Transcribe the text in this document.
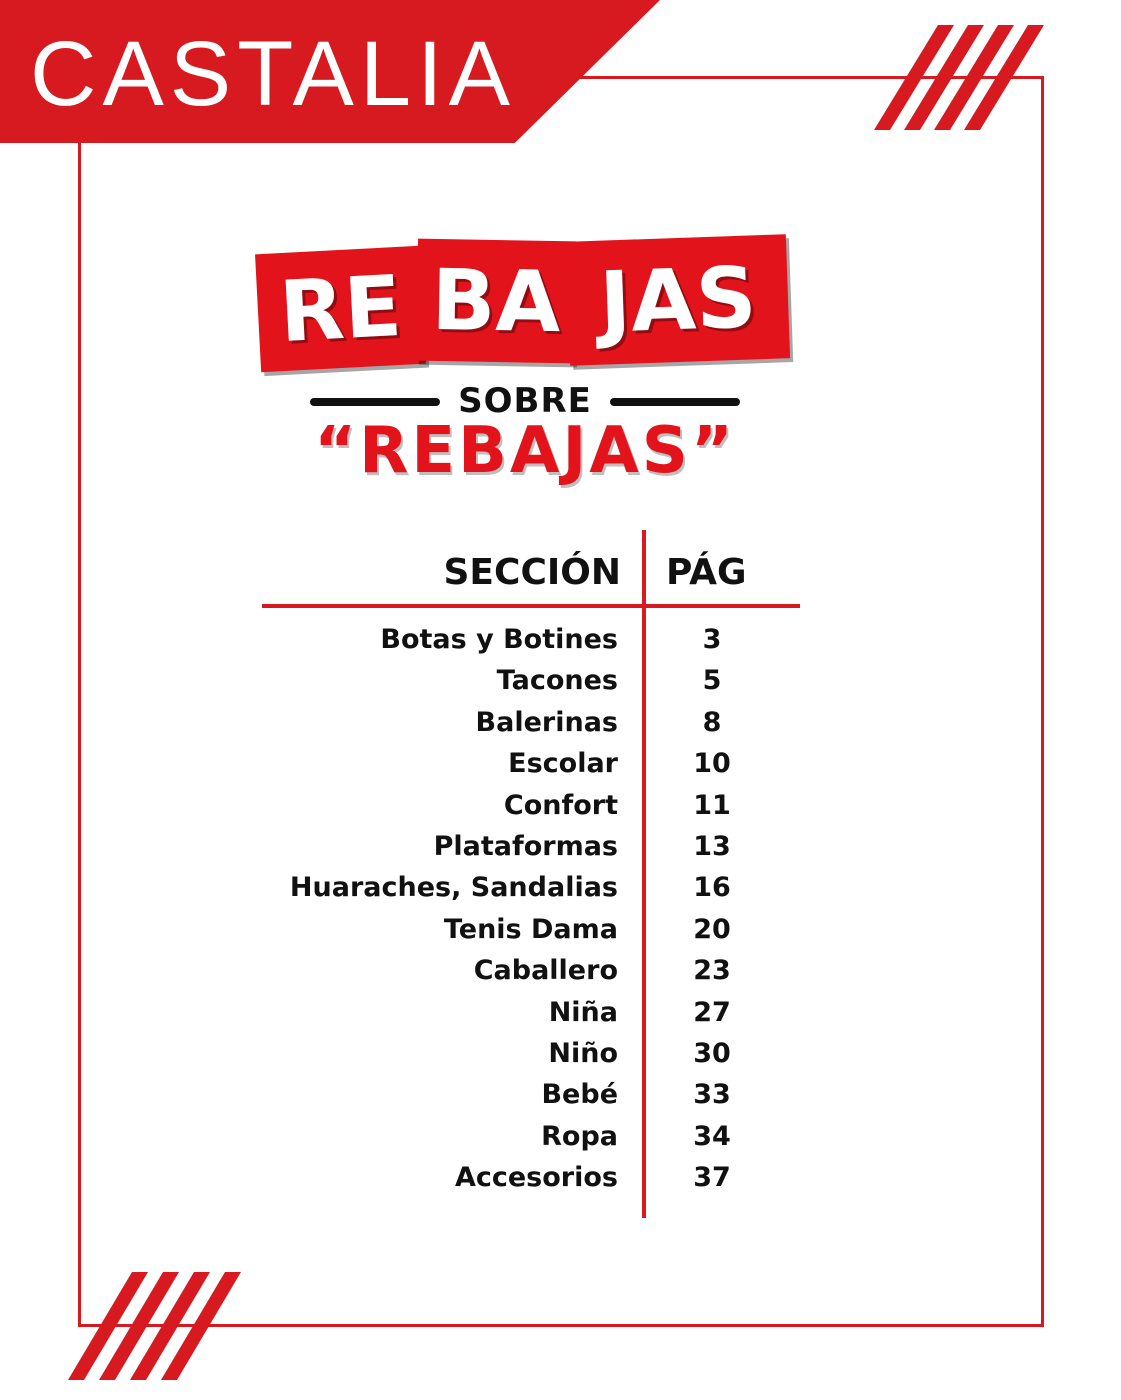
CASTALIA
RE BA JAS
SOBRE
“REBAJAS”
SECCIÓN PÁG
Botas y Botines	3
Tacones	5
Balerinas	8
Escolar	10
Confort	11
Plataformas	13
Huaraches, Sandalias	16
Tenis Dama	20
Caballero	23
Niña	27
Niño	30
Bebé	33
Ropa	34
Accesorios	37
